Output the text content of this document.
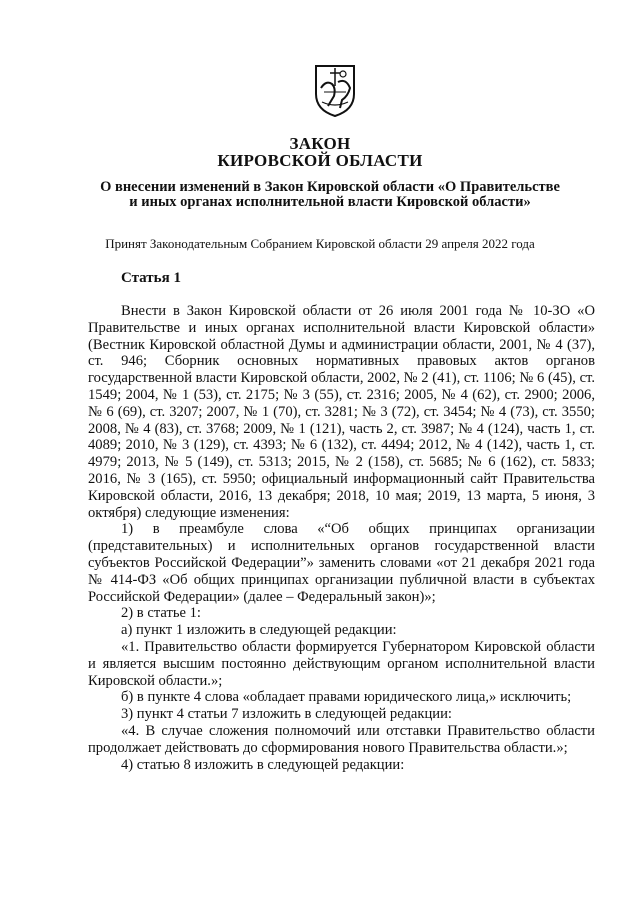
ЗАКОН
КИРОВСКОЙ ОБЛАСТИ
О внесении изменений в Закон Кировской области «О Правительстве и иных органах исполнительной власти Кировской области»
Принят Законодательным Собранием Кировской области 29 апреля 2022 года
Статья 1

Внести в Закон Кировской области от 26 июля 2001 года № 10-ЗО «О Правительстве и иных органах исполнительной власти Кировской области» (Вестник Кировской областной Думы и администрации области, 2001, № 4 (37), ст. 946; Сборник основных нормативных правовых актов органов государственной власти Кировской области, 2002, № 2 (41), ст. 1106; № 6 (45), ст. 1549; 2004, № 1 (53), ст. 2175; № 3 (55), ст. 2316; 2005, № 4 (62), ст. 2900; 2006, № 6 (69), ст. 3207; 2007, № 1 (70), ст. 3281; № 3 (72), ст. 3454; № 4 (73), ст. 3550; 2008, № 4 (83), ст. 3768; 2009, № 1 (121), часть 2, ст. 3987; № 4 (124), часть 1, ст. 4089; 2010, № 3 (129), ст. 4393; № 6 (132), ст. 4494; 2012, № 4 (142), часть 1, ст. 4979; 2013, № 5 (149), ст. 5313; 2015, № 2 (158), ст. 5685; № 6 (162), ст. 5833; 2016, № 3 (165), ст. 5950; официальный информационный сайт Правительства Кировской области, 2016, 13 декабря; 2018, 10 мая; 2019, 13 марта, 5 июня, 3 октября) следующие изменения:

1) в преамбуле слова «“Об общих принципах организации (представительных) и исполнительных органов государственной власти субъектов Российской Федерации”» заменить словами «от 21 декабря 2021 года № 414-ФЗ «Об общих принципах организации публичной власти в субъектах Российской Федерации» (далее – Федеральный закон)»;

2) в статье 1:

а) пункт 1 изложить в следующей редакции:

«1. Правительство области формируется Губернатором Кировской области и является высшим постоянно действующим органом исполнительной власти Кировской области.»;

б) в пункте 4 слова «обладает правами юридического лица,» исключить;

3) пункт 4 статьи 7 изложить в следующей редакции:

«4. В случае сложения полномочий или отставки Правительство области продолжает действовать до сформирования нового Правительства области.»;

4) статью 8 изложить в следующей редакции:
